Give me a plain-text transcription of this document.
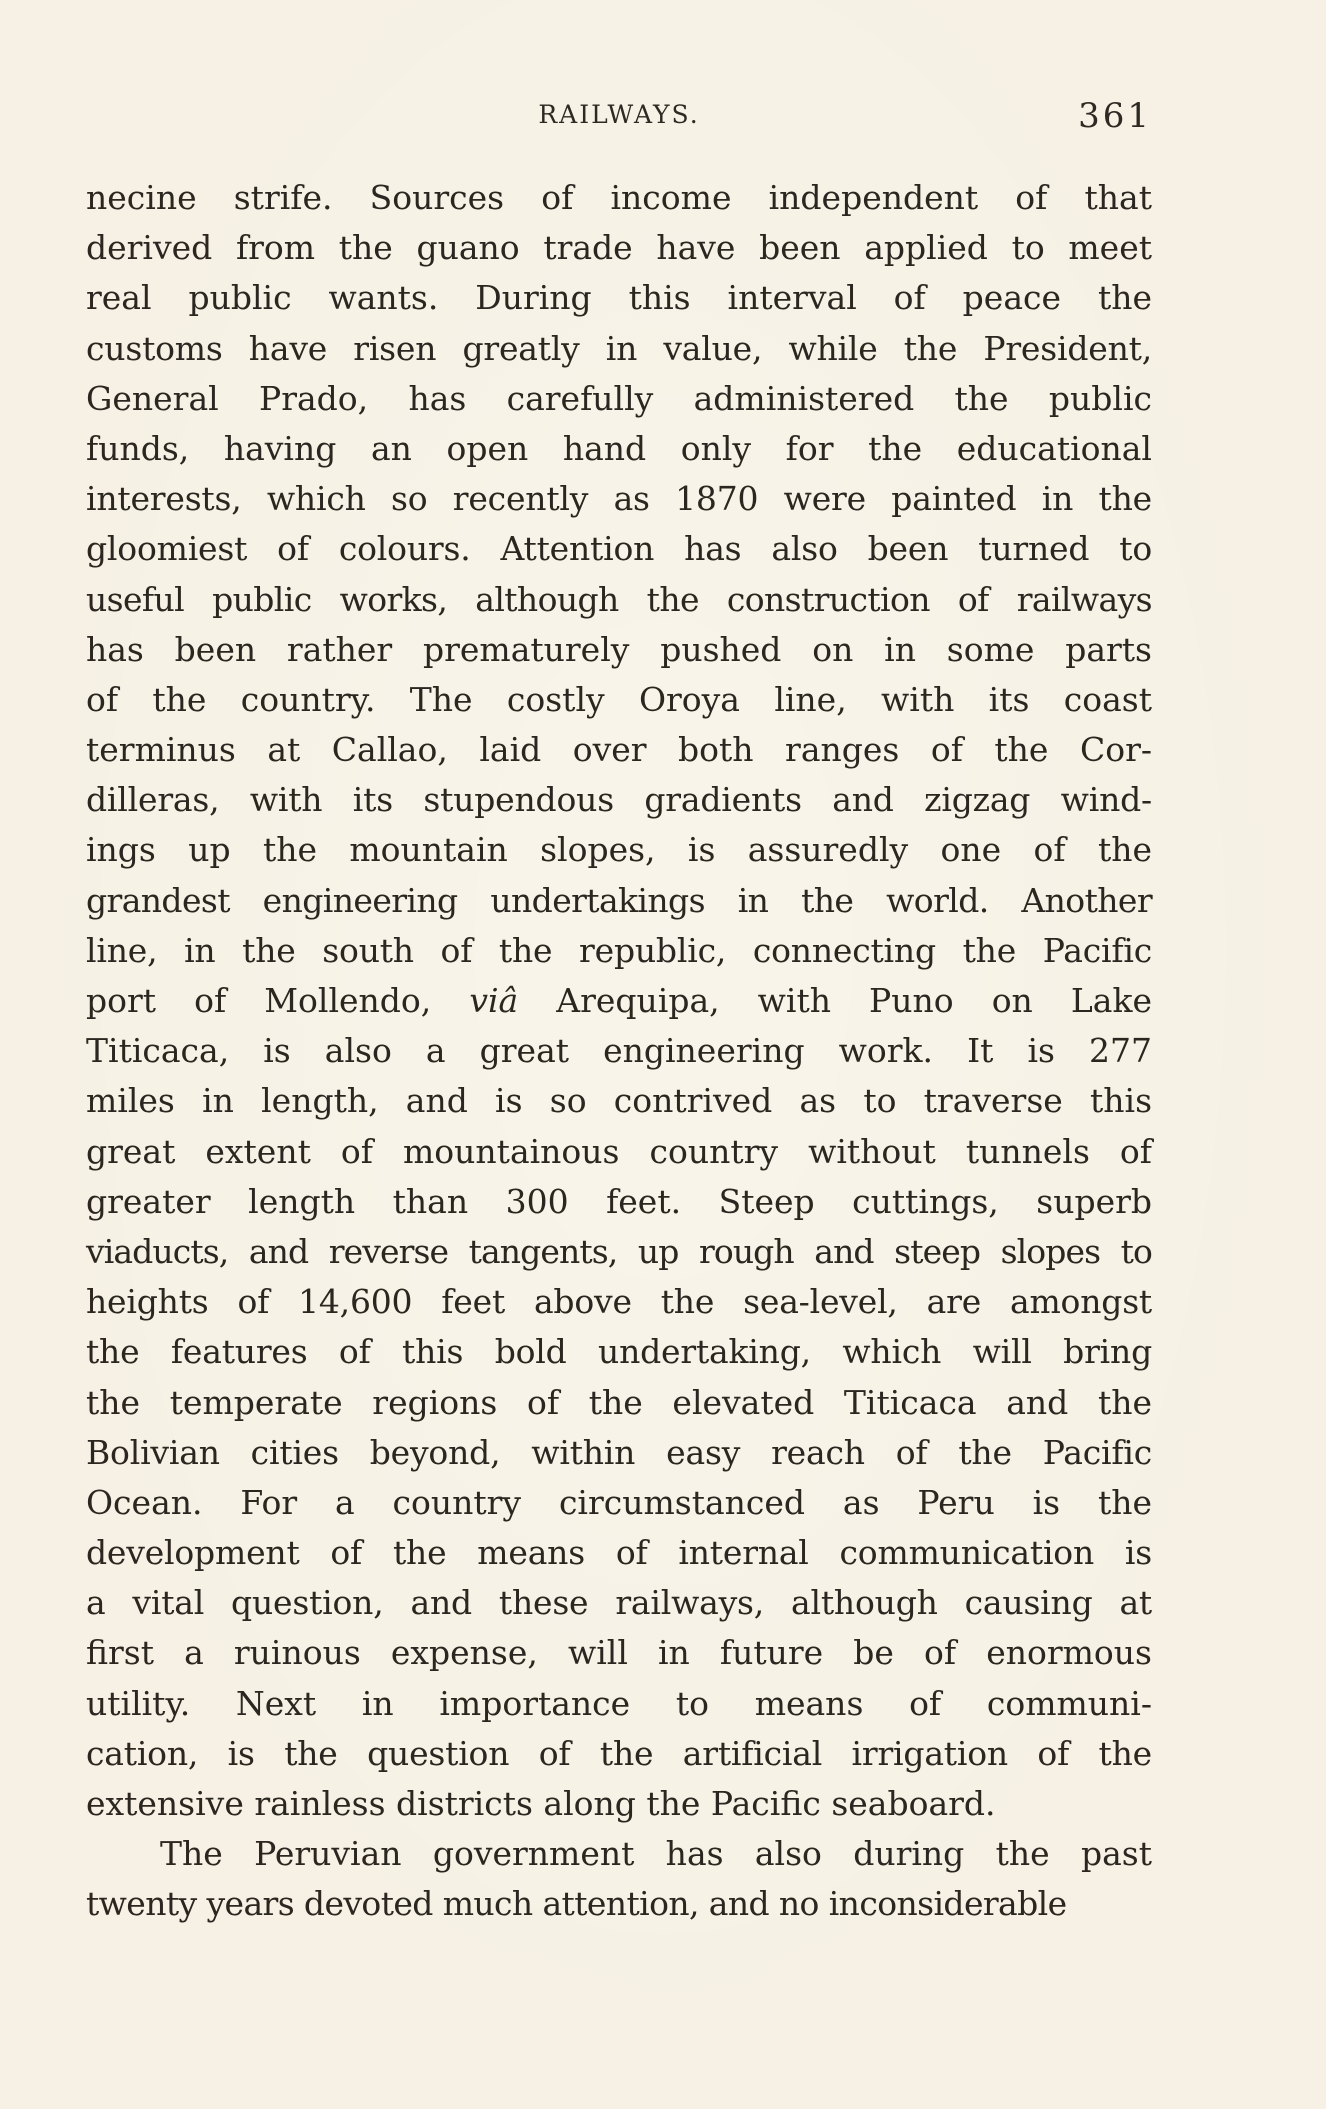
RAILWAYS.	361
necine strife. Sources of income independent of that
derived from the guano trade have been applied to meet
real public wants. During this interval of peace the
customs have risen greatly in value, while the President,
General Prado, has carefully administered the public
funds, having an open hand only for the educational
interests, which so recently as 1870 were painted in the
gloomiest of colours. Attention has also been turned to
useful public works, although the construction of railways
has been rather prematurely pushed on in some parts
of the country. The costly Oroya line, with its coast
terminus at Callao, laid over both ranges of the Cor-
dilleras, with its stupendous gradients and zigzag wind-
ings up the mountain slopes, is assuredly one of the
grandest engineering undertakings in the world. Another
line, in the south of the republic, connecting the Pacific
port of Mollendo, viâ Arequipa, with Puno on Lake
Titicaca, is also a great engineering work. It is 277
miles in length, and is so contrived as to traverse this
great extent of mountainous country without tunnels of
greater length than 300 feet. Steep cuttings, superb
viaducts, and reverse tangents, up rough and steep slopes to
heights of 14,600 feet above the sea-level, are amongst
the features of this bold undertaking, which will bring
the temperate regions of the elevated Titicaca and the
Bolivian cities beyond, within easy reach of the Pacific
Ocean. For a country circumstanced as Peru is the
development of the means of internal communication is
a vital question, and these railways, although causing at
first a ruinous expense, will in future be of enormous
utility. Next in importance to means of communi-
cation, is the question of the artificial irrigation of the
extensive rainless districts along the Pacific seaboard.
The Peruvian government has also during the past
twenty years devoted much attention, and no inconsiderable
